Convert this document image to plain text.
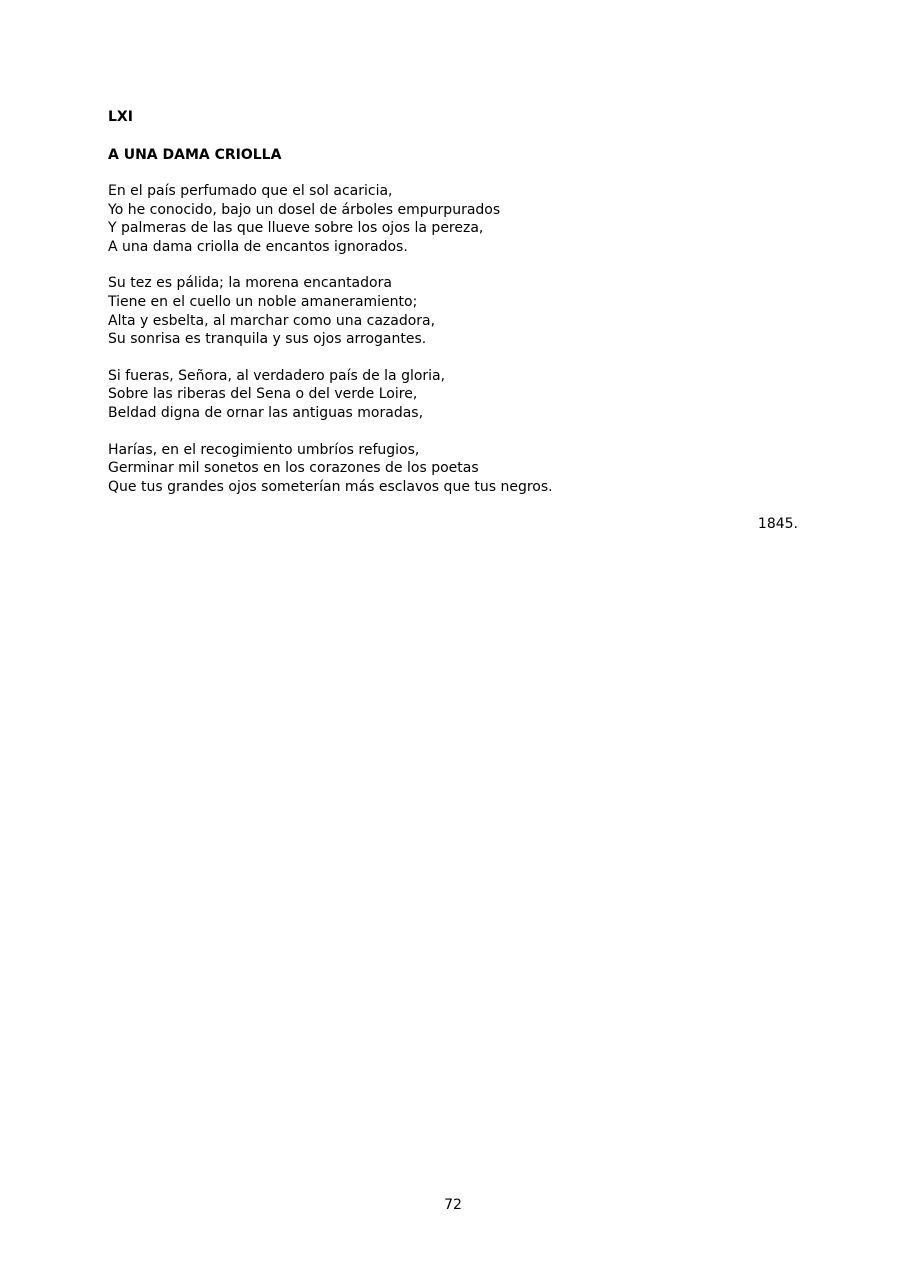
LXI
A UNA DAMA CRIOLLA
En el país perfumado que el sol acaricia,
Yo he conocido, bajo un dosel de árboles empurpurados
Y palmeras de las que llueve sobre los ojos la pereza,
A una dama criolla de encantos ignorados.
Su tez es pálida; la morena encantadora
Tiene en el cuello un noble amaneramiento;
Alta y esbelta, al marchar como una cazadora,
Su sonrisa es tranquila y sus ojos arrogantes.
Si fueras, Señora, al verdadero país de la gloria,
Sobre las riberas del Sena o del verde Loire,
Beldad digna de ornar las antiguas moradas,
Harías, en el recogimiento umbríos refugios,
Germinar mil sonetos en los corazones de los poetas
Que tus grandes ojos someterían más esclavos que tus negros.
1845.
72
